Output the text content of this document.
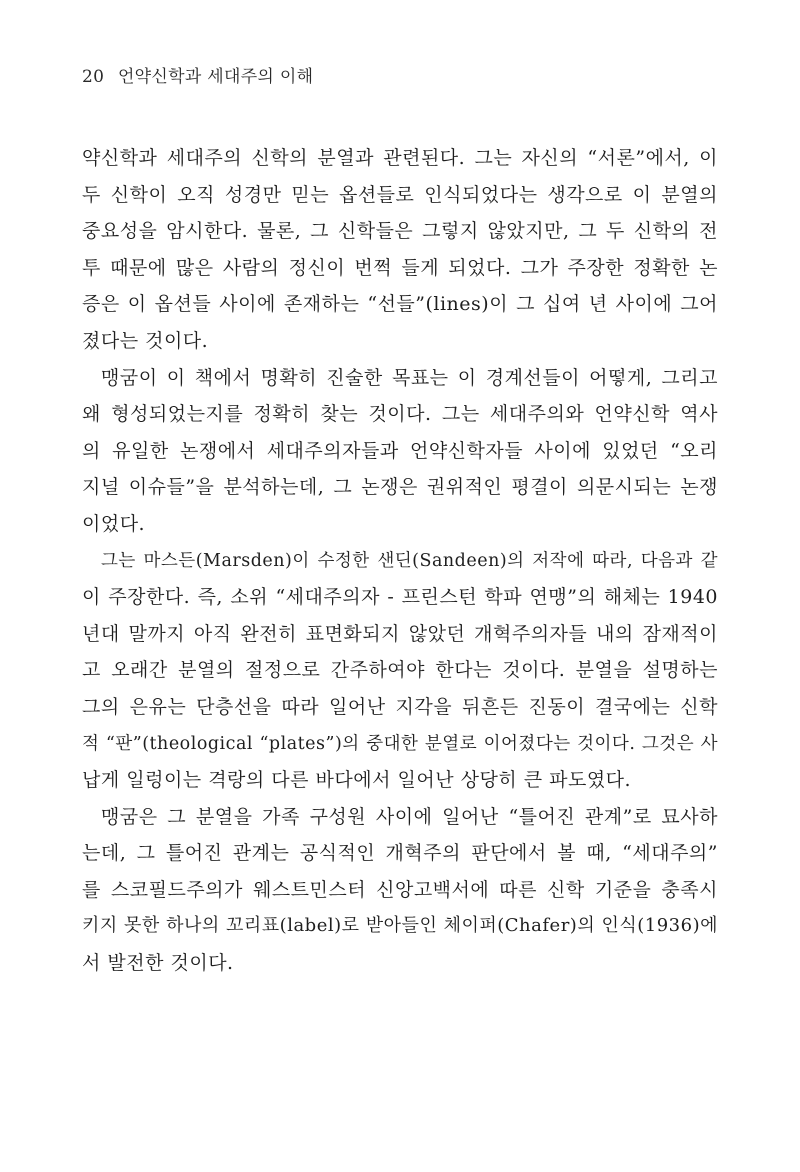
20 언약신학과 세대주의 이해
약신학과 세대주의 신학의 분열과 관련된다. 그는 자신의 “서론”에서, 이
두 신학이 오직 성경만 믿는 옵션들로 인식되었다는 생각으로 이 분열의
중요성을 암시한다. 물론, 그 신학들은 그렇지 않았지만, 그 두 신학의 전
투 때문에 많은 사람의 정신이 번쩍 들게 되었다. 그가 주장한 정확한 논
증은 이 옵션들 사이에 존재하는 “선들”(lines)이 그 십여 년 사이에 그어
졌다는 것이다.
맹굼이 이 책에서 명확히 진술한 목표는 이 경계선들이 어떻게, 그리고
왜 형성되었는지를 정확히 찾는 것이다. 그는 세대주의와 언약신학 역사
의 유일한 논쟁에서 세대주의자들과 언약신학자들 사이에 있었던 “오리
지널 이슈들”을 분석하는데, 그 논쟁은 권위적인 평결이 의문시되는 논쟁
이었다.
그는 마스든(Marsden)이 수정한 샌딘(Sandeen)의 저작에 따라, 다음과 같
이 주장한다. 즉, 소위 “세대주의자 - 프린스턴 학파 연맹”의 해체는 1940
년대 말까지 아직 완전히 표면화되지 않았던 개혁주의자들 내의 잠재적이
고 오래간 분열의 절정으로 간주하여야 한다는 것이다. 분열을 설명하는
그의 은유는 단층선을 따라 일어난 지각을 뒤흔든 진동이 결국에는 신학
적 “판”(theological “plates”)의 중대한 분열로 이어졌다는 것이다. 그것은 사
납게 일렁이는 격랑의 다른 바다에서 일어난 상당히 큰 파도였다.
맹굼은 그 분열을 가족 구성원 사이에 일어난 “틀어진 관계”로 묘사하
는데, 그 틀어진 관계는 공식적인 개혁주의 판단에서 볼 때, “세대주의”
를 스코필드주의가 웨스트민스터 신앙고백서에 따른 신학 기준을 충족시
키지 못한 하나의 꼬리표(label)로 받아들인 체이퍼(Chafer)의 인식(1936)에
서 발전한 것이다.
